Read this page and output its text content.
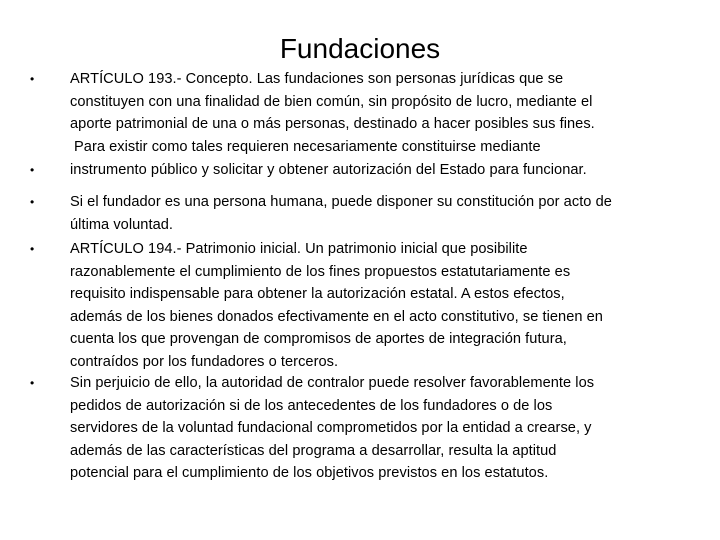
Fundaciones
• ARTÍCULO 193.- Concepto. Las fundaciones son personas jurídicas que se
constituyen con una finalidad de bien común, sin propósito de lucro, mediante el
aporte patrimonial de una o más personas, destinado a hacer posibles sus fines.
•
Para existir como tales requieren necesariamente constituirse mediante
instrumento público y solicitar y obtener autorización del Estado para funcionar.
• Si el fundador es una persona humana, puede disponer su constitución por acto de
última voluntad.
• ARTÍCULO 194.- Patrimonio inicial. Un patrimonio inicial que posibilite
razonablemente el cumplimiento de los fines propuestos estatutariamente es
requisito indispensable para obtener la autorización estatal. A estos efectos,
además de los bienes donados efectivamente en el acto constitutivo, se tienen en
cuenta los que provengan de compromisos de aportes de integración futura,
contraídos por los fundadores o terceros.
• Sin perjuicio de ello, la autoridad de contralor puede resolver favorablemente los
pedidos de autorización si de los antecedentes de los fundadores o de los
servidores de la voluntad fundacional comprometidos por la entidad a crearse, y
además de las características del programa a desarrollar, resulta la aptitud
potencial para el cumplimiento de los objetivos previstos en los estatutos.
